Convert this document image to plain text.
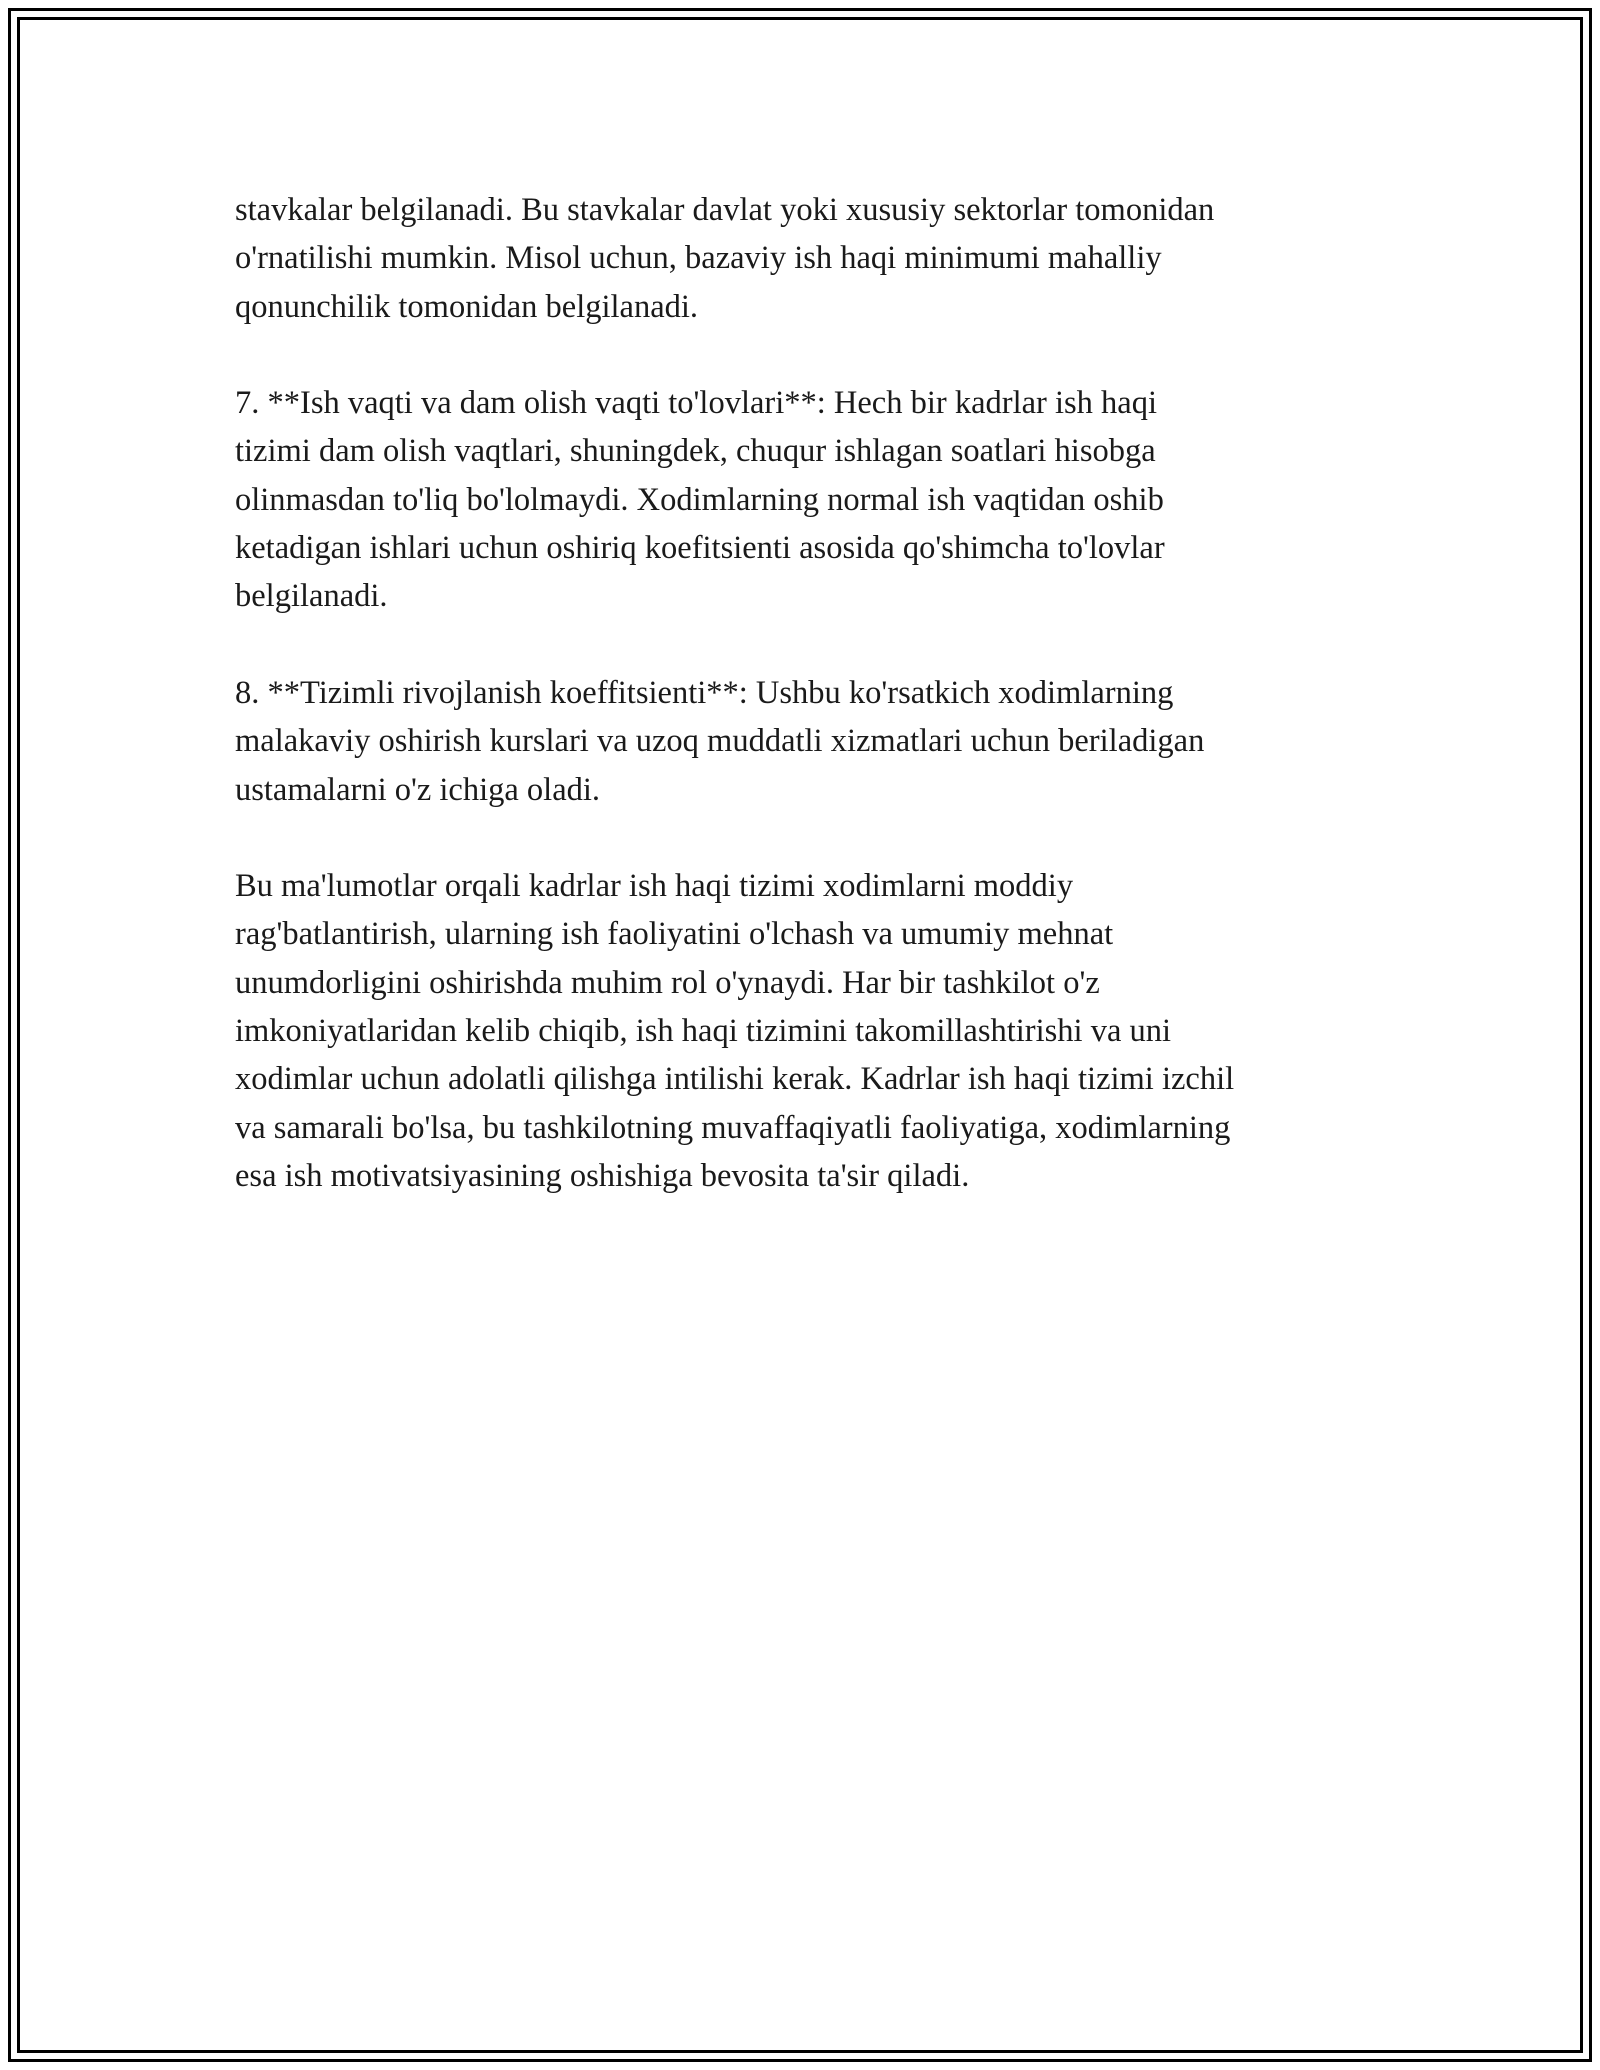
stavkalar belgilanadi. Bu stavkalar davlat yoki xususiy sektorlar tomonidan
o'rnatilishi mumkin. Misol uchun, bazaviy ish haqi minimumi mahalliy
qonunchilik tomonidan belgilanadi.

7. **Ish vaqti va dam olish vaqti to'lovlari**: Hech bir kadrlar ish haqi
tizimi dam olish vaqtlari, shuningdek, chuqur ishlagan soatlari hisobga
olinmasdan to'liq bo'lolmaydi. Xodimlarning normal ish vaqtidan oshib
ketadigan ishlari uchun oshiriq koefitsienti asosida qo'shimcha to'lovlar
belgilanadi.

8. **Tizimli rivojlanish koeffitsienti**: Ushbu ko'rsatkich xodimlarning
malakaviy oshirish kurslari va uzoq muddatli xizmatlari uchun beriladigan
ustamalarni o'z ichiga oladi.

Bu ma'lumotlar orqali kadrlar ish haqi tizimi xodimlarni moddiy
rag'batlantirish, ularning ish faoliyatini o'lchash va umumiy mehnat
unumdorligini oshirishda muhim rol o'ynaydi. Har bir tashkilot o'z
imkoniyatlaridan kelib chiqib, ish haqi tizimini takomillashtirishi va uni
xodimlar uchun adolatli qilishga intilishi kerak. Kadrlar ish haqi tizimi izchil
va samarali bo'lsa, bu tashkilotning muvaffaqiyatli faoliyatiga, xodimlarning
esa ish motivatsiyasining oshishiga bevosita ta'sir qiladi.
